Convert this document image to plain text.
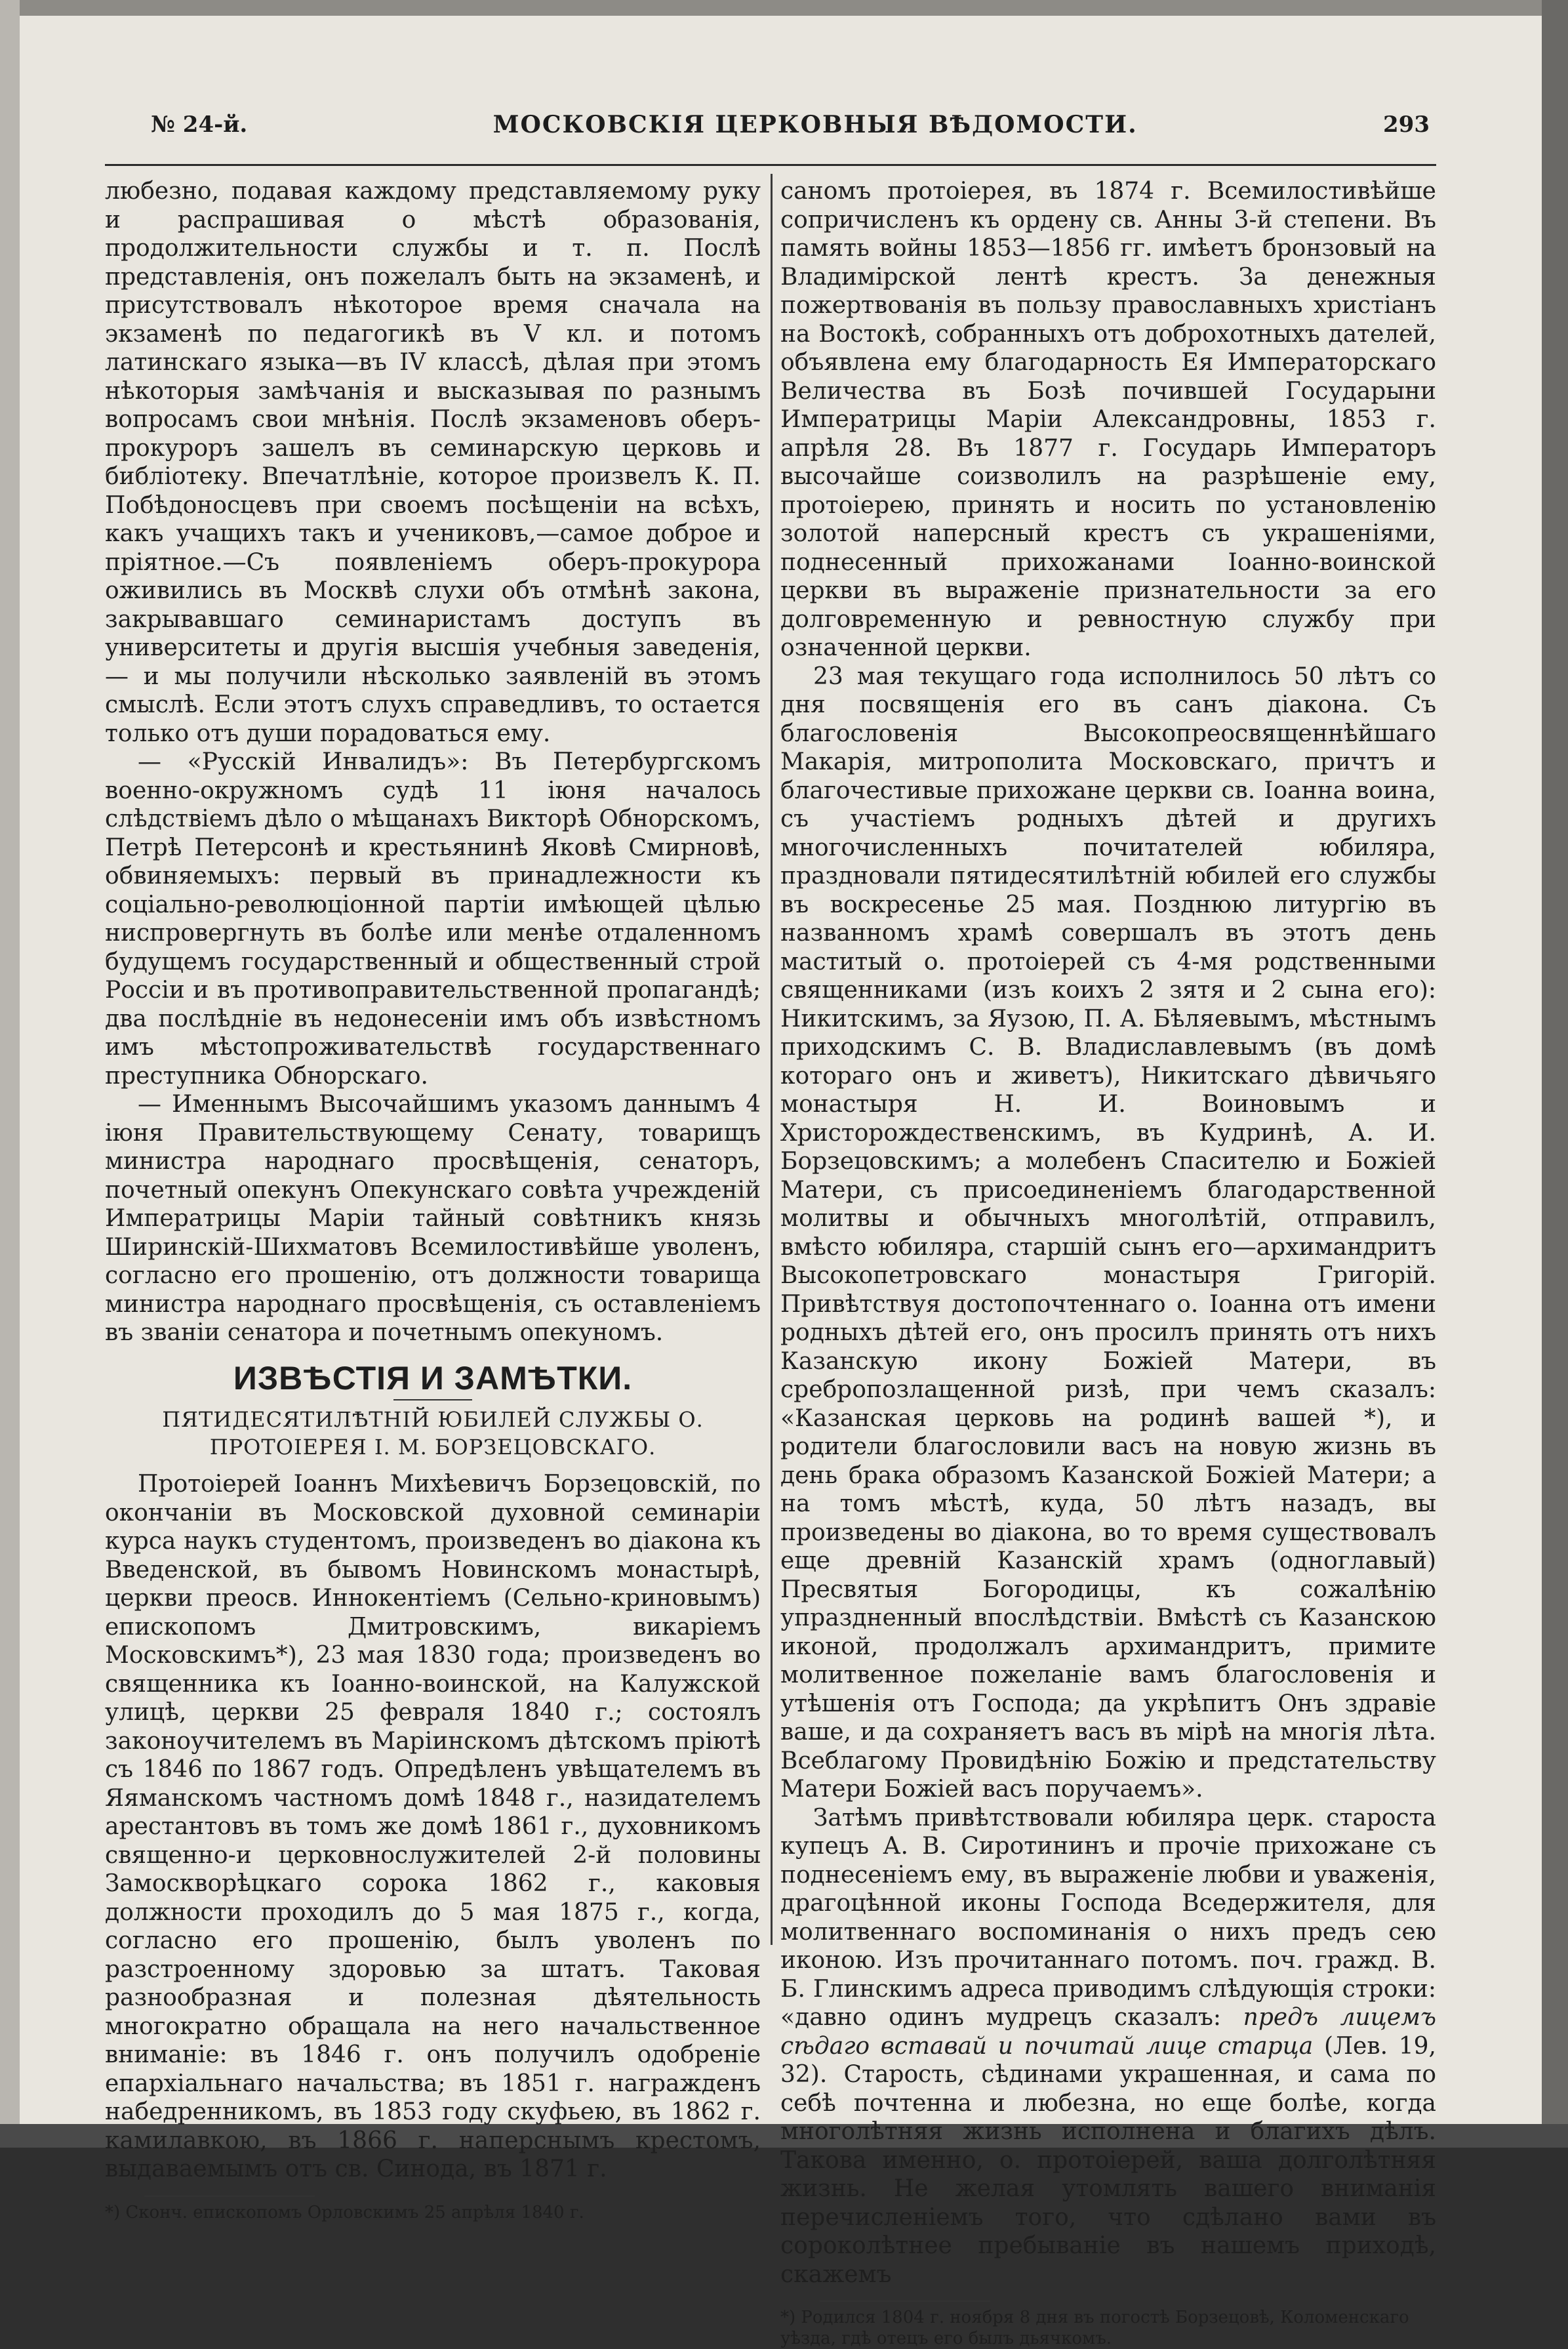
№ 24-й.	МОСКОВСКІЯ ЦЕРКОВНЫЯ ВѢДОМОСТИ.	293

любезно, подавая каждому представляемому руку и распрашивая о мѣстѣ образованія, продолжительности службы и т. п. Послѣ представленія, онъ пожелалъ быть на экзаменѣ, и присутствовалъ нѣкоторое время сначала на экзаменѣ по педагогикѣ въ V кл. и потомъ латинскаго языка—въ IV классѣ, дѣлая при этомъ нѣкоторыя замѣчанія и высказывая по разнымъ вопросамъ свои мнѣнія. Послѣ экзаменовъ оберъ-прокуроръ зашелъ въ семинарскую церковь и библіотеку. Впечатлѣніе, которое произвелъ К. П. Побѣдоносцевъ при своемъ посѣщеніи на всѣхъ, какъ учащихъ такъ и учениковъ,—самое доброе и пріятное.—Съ появленіемъ оберъ-прокурора оживились въ Москвѣ слухи объ отмѣнѣ закона, закрывавшаго семинаристамъ доступъ въ университеты и другія высшія учебныя заведенія, — и мы получили нѣсколько заявленій въ этомъ смыслѣ. Если этотъ слухъ справедливъ, то остается только отъ души порадоваться ему.

— «Русскій Инвалидъ»: Въ Петербургскомъ военно-окружномъ судѣ 11 іюня началось слѣдствіемъ дѣло о мѣщанахъ Викторѣ Обнорскомъ, Петрѣ Петерсонѣ и крестьянинѣ Яковѣ Смирновѣ, обвиняемыхъ: первый въ принадлежности къ соціально-революціонной партіи имѣющей цѣлью ниспровергнуть въ болѣе или менѣе отдаленномъ будущемъ государственный и общественный строй Россіи и въ противоправительственной пропагандѣ; два послѣдніе въ недонесеніи имъ объ извѣстномъ имъ мѣстопроживательствѣ государственнаго преступника Обнорскаго.

— Именнымъ Высочайшимъ указомъ даннымъ 4 іюня Правительствующему Сенату, товарищъ министра народнаго просвѣщенія, сенаторъ, почетный опекунъ Опекунскаго совѣта учрежденій Императрицы Маріи тайный совѣтникъ князь Ширинскій-Шихматовъ Всемилостивѣйше уволенъ, согласно его прошенію, отъ должности товарища министра народнаго просвѣщенія, съ оставленіемъ въ званіи сенатора и почетнымъ опекуномъ.

ИЗВѢСТІЯ И ЗАМѢТКИ.
ПЯТИДЕСЯТИЛѢТНІЙ ЮБИЛЕЙ СЛУЖБЫ О. ПРОТОІЕРЕЯ І. М. БОРЗЕЦОВСКАГО.

Протоіерей Іоаннъ Михѣевичъ Борзецовскій, по окончаніи въ Московской духовной семинаріи курса наукъ студентомъ, произведенъ во діакона къ Введенской, въ бывомъ Новинскомъ монастырѣ, церкви преосв. Иннокентіемъ (Сельно-криновымъ) епископомъ Дмитровскимъ, викаріемъ Московскимъ*), 23 мая 1830 года; произведенъ во священника къ Іоанно-воинской, на Калужской улицѣ, церкви 25 февраля 1840 г.; состоялъ законоучителемъ въ Маріинскомъ дѣтскомъ пріютѣ съ 1846 по 1867 годъ. Опредѣленъ увѣщателемъ въ Яяманскомъ частномъ домѣ 1848 г., назидателемъ арестантовъ въ томъ же домѣ 1861 г., духовникомъ священно-и церковнослужителей 2-й половины Замоскворѣцкаго сорока 1862 г., каковыя должности проходилъ до 5 мая 1875 г., когда, согласно его прошенію, былъ уволенъ по разстроенному здоровью за штатъ. Таковая разнообразная и полезная дѣятельность многократно обращала на него начальственное вниманіе: въ 1846 г. онъ получилъ одобреніе епархіальнаго начальства; въ 1851 г. награжденъ набедренникомъ, въ 1853 году скуфьею, въ 1862 г. камилавкою, въ 1866 г. наперснымъ крестомъ, выдаваемымъ отъ св. Синода, въ 1871 г.

*) Сконч. епископомъ Орловскимъ 25 апрѣля 1840 г.

саномъ протоіерея, въ 1874 г. Всемилостивѣйше сопричисленъ къ ордену св. Анны 3-й степени. Въ память войны 1853—1856 гг. имѣетъ бронзовый на Владимірской лентѣ крестъ. За денежныя пожертвованія въ пользу православныхъ христіанъ на Востокѣ, собранныхъ отъ доброхотныхъ дателей, объявлена ему благодарность Ея Императорскаго Величества въ Бозѣ почившей Государыни Императрицы Маріи Александровны, 1853 г. апрѣля 28. Въ 1877 г. Государь Императоръ высочайше соизволилъ на разрѣшеніе ему, протоіерею, принять и носить по установленію золотой наперсный крестъ съ украшеніями, поднесенный прихожанами Іоанно-воинской церкви въ выраженіе признательности за его долговременную и ревностную службу при означенной церкви.

23 мая текущаго года исполнилось 50 лѣтъ со дня посвященія его въ санъ діакона. Съ благословенія Высокопреосвященнѣйшаго Макарія, митрополита Московскаго, причтъ и благочестивые прихожане церкви св. Іоанна воина, съ участіемъ родныхъ дѣтей и другихъ многочисленныхъ почитателей юбиляра, праздновали пятидесятилѣтній юбилей его службы въ воскресенье 25 мая. Позднюю литургію въ названномъ храмѣ совершалъ въ этотъ день маститый о. протоіерей съ 4-мя родственными священниками (изъ коихъ 2 зятя и 2 сына его): Никитскимъ, за Яузою, П. А. Бѣляевымъ, мѣстнымъ приходскимъ С. В. Владиславлевымъ (въ домѣ котораго онъ и живетъ), Никитскаго дѣвичьяго монастыря Н. И. Воиновымъ и Христорождественскимъ, въ Кудринѣ, А. И. Борзецовскимъ; а молебенъ Спасителю и Божіей Матери, съ присоединеніемъ благодарственной молитвы и обычныхъ многолѣтій, отправилъ, вмѣсто юбиляра, старшій сынъ его—архимандритъ Высокопетровскаго монастыря Григорій. Привѣтствуя достопочтеннаго о. Іоанна отъ имени родныхъ дѣтей его, онъ просилъ принять отъ нихъ Казанскую икону Божіей Матери, въ сребропозлащенной ризѣ, при чемъ сказалъ: «Казанская церковь на родинѣ вашей *), и родители благословили васъ на новую жизнь въ день брака образомъ Казанской Божіей Матери; а на томъ мѣстѣ, куда, 50 лѣтъ назадъ, вы произведены во діакона, во то время существовалъ еще древній Казанскій храмъ (одноглавый) Пресвятыя Богородицы, къ сожалѣнію упраздненный впослѣдствіи. Вмѣстѣ съ Казанскою иконой, продолжалъ архимандритъ, примите молитвенное пожеланіе вамъ благословенія и утѣшенія отъ Господа; да укрѣпитъ Онъ здравіе ваше, и да сохраняетъ васъ въ мірѣ на многія лѣта. Всеблагому Провидѣнію Божію и предстательству Матери Божіей васъ поручаемъ».

Затѣмъ привѣтствовали юбиляра церк. староста купецъ А. В. Сиротининъ и прочіе прихожане съ поднесеніемъ ему, въ выраженіе любви и уваженія, драгоцѣнной иконы Господа Вседержителя, для молитвеннаго воспоминанія о нихъ предъ сею иконою. Изъ прочитаннаго потомъ. поч. гражд. В. Б. Глинскимъ адреса приводимъ слѣдующія строки: «давно одинъ мудрецъ сказалъ: предъ лицемъ сѣдаго вставай и почитай лице старца (Лев. 19, 32). Старость, сѣдинами украшенная, и сама по себѣ почтенна и любезна, но еще болѣе, когда многолѣтняя жизнь исполнена и благихъ дѣлъ. Такова именно, о. протоіерей, ваша долголѣтняя жизнь. Не желая утомлять вашего вниманія перечисленіемъ того, что сдѣлано вами въ сороколѣтнее пребываніе въ нашемъ приходѣ, скажемъ

*) Родился 1804 г. ноября 8 дня въ погостѣ Борзецовѣ, Коломенскаго уѣзда, гдѣ отецъ его былъ дьячкомъ.
